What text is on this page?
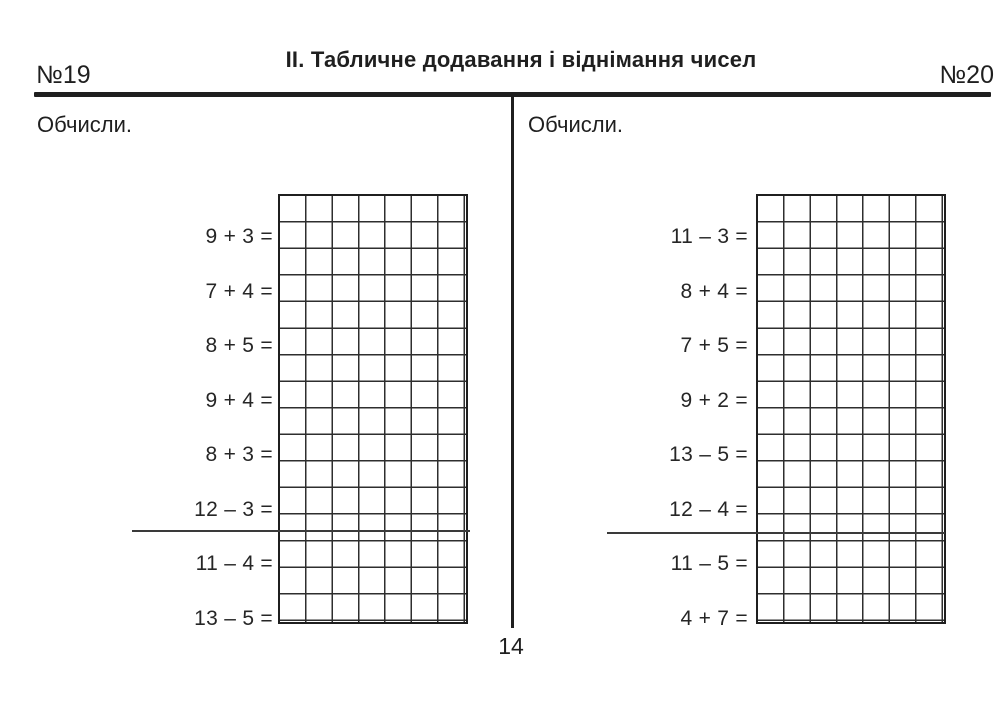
ІІ. Табличне додавання і віднімання чисел
№19	№20
Обчисли.	Обчисли.
9 + 3 =
7 + 4 =
8 + 5 =
9 + 4 =
8 + 3 =
12 – 3 =
11 – 4 =
13 – 5 =
11 – 3 =
8 + 4 =
7 + 5 =
9 + 2 =
13 – 5 =
12 – 4 =
11 – 5 =
4 + 7 =
14
